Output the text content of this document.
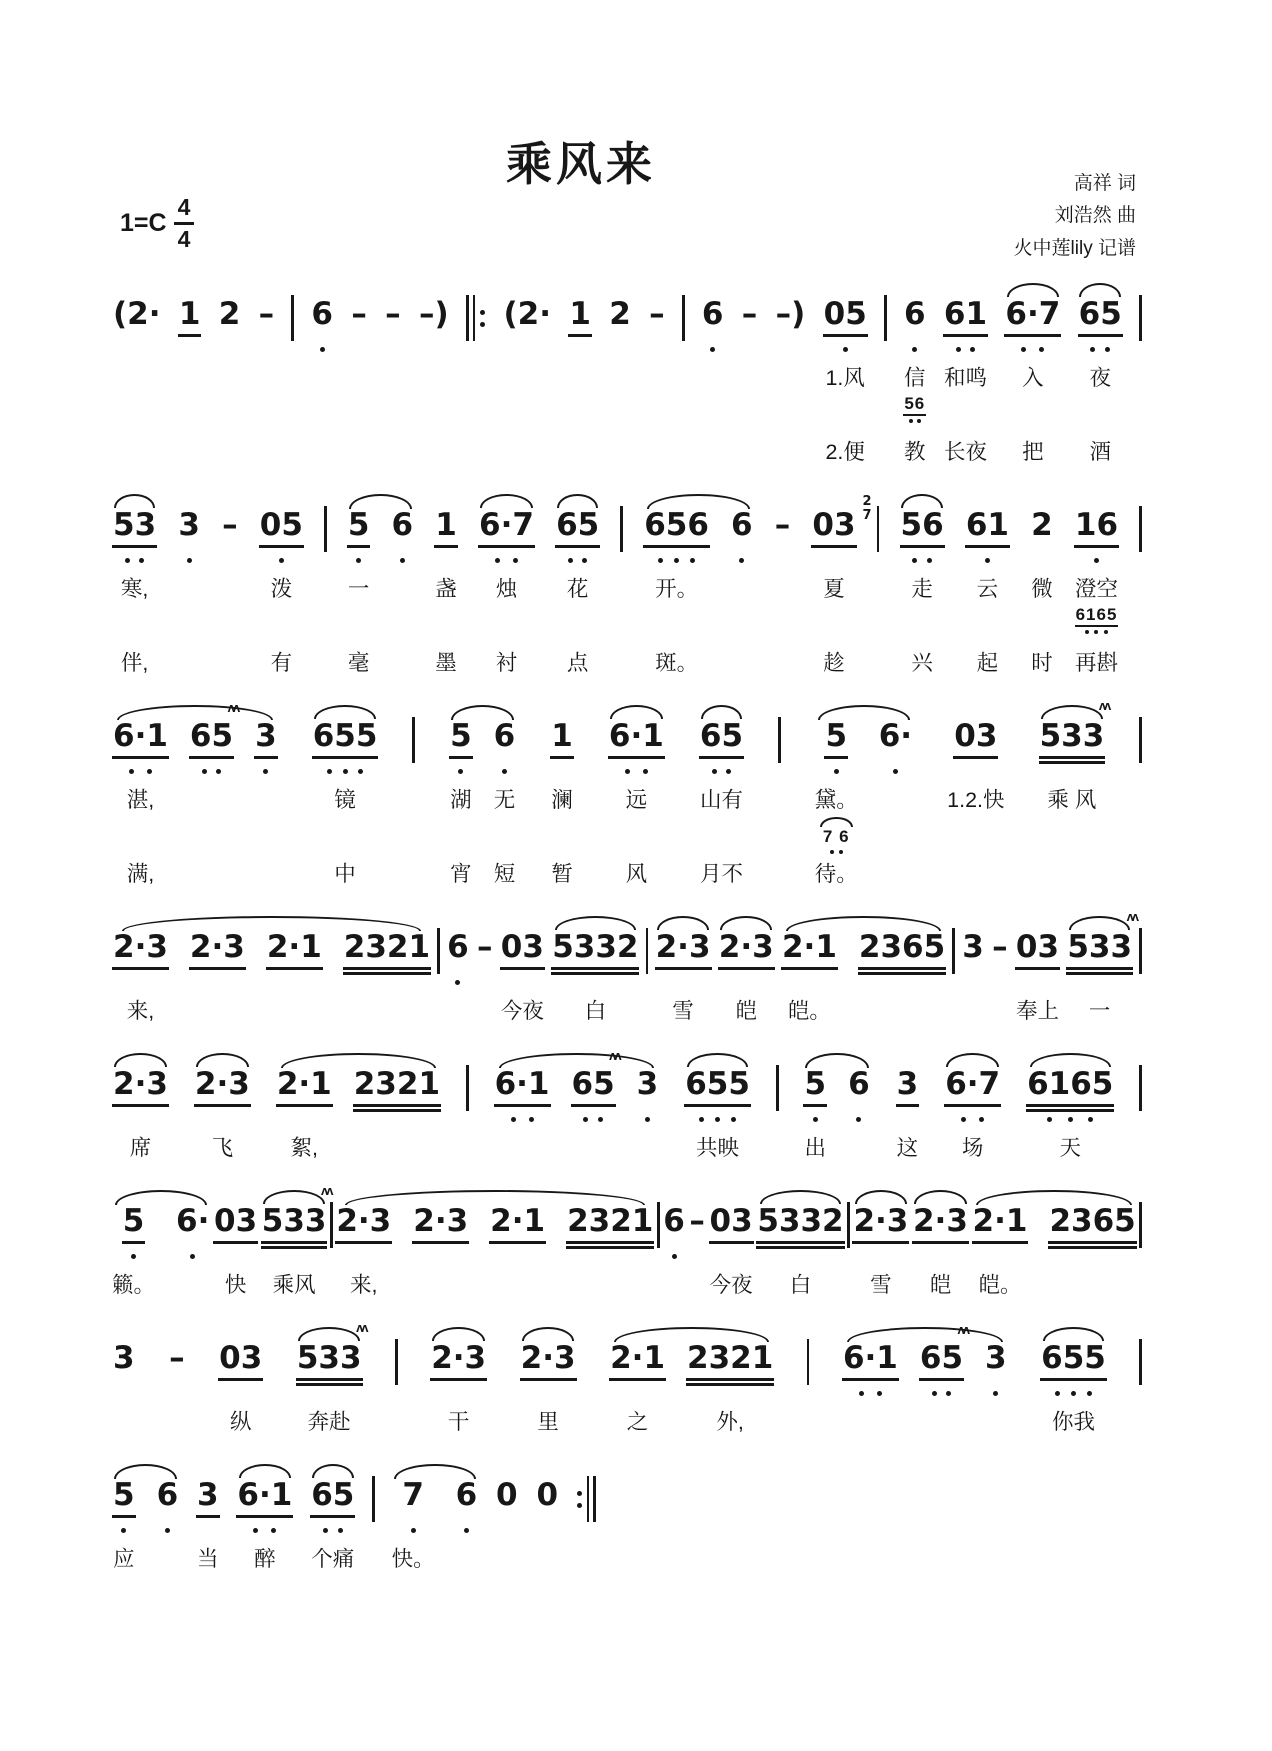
乘风来	高祥 词
刘浩然 曲
火中莲lily 记谱
1=C
4
4
(2·

1

2

–

6

–

–

–)

(2·

1

2

–

6

–

–)

05
1.风
2.便
6
信
56
教
61
和鸣
长夜
6·7
入
把
65
夜
酒
53
寒,
伴,
3

–

05
泼
有
5
一
毫
6

1
盏
墨
6·7
烛
衬
65
花
点
656
开。
斑。
6

–

03
2
7
夏
趁
56
走
兴
61
云
起
2
微
时
16
澄空
6165
再斟
6·1
湛,
满,
ʌʌ
65

3

655
镜
中
5
湖
宵
6
无
短
1
澜
暂
6·1
远
风
65
山有
月不
5
黛。
7 6
待。
6·

03
1.2.快

ʌʌ
533
乘 风

2·3
来,
2·3
2·1
2321
6
–
03
今夜
5332
白
2·3
雪
2·3
皑
2·1
皑。
2365
3
–
03
奉上
ʌʌ
533
一
2·3
席
2·3
飞
2·1
絮,
2321
6·1

ʌʌ
65
3
655
共映
5
出
6
3
这
6·7
场
6165
天
5
籁。
6·
03
快
ʌʌ
533
乘风
2·3
来,
2·3
2·1
2321
6
–
03
今夜
5332
白
2·3
雪
2·3
皑
2·1
皑。
2365

3
–
03
纵
ʌʌ
533
奔赴
2·3
干
2·3
里
2·1
之
2321
外,
6·1

ʌʌ
65
3
655
你我
5
应
6
3
当
6·1
醉
65
个痛
7
快。
6
0
0
